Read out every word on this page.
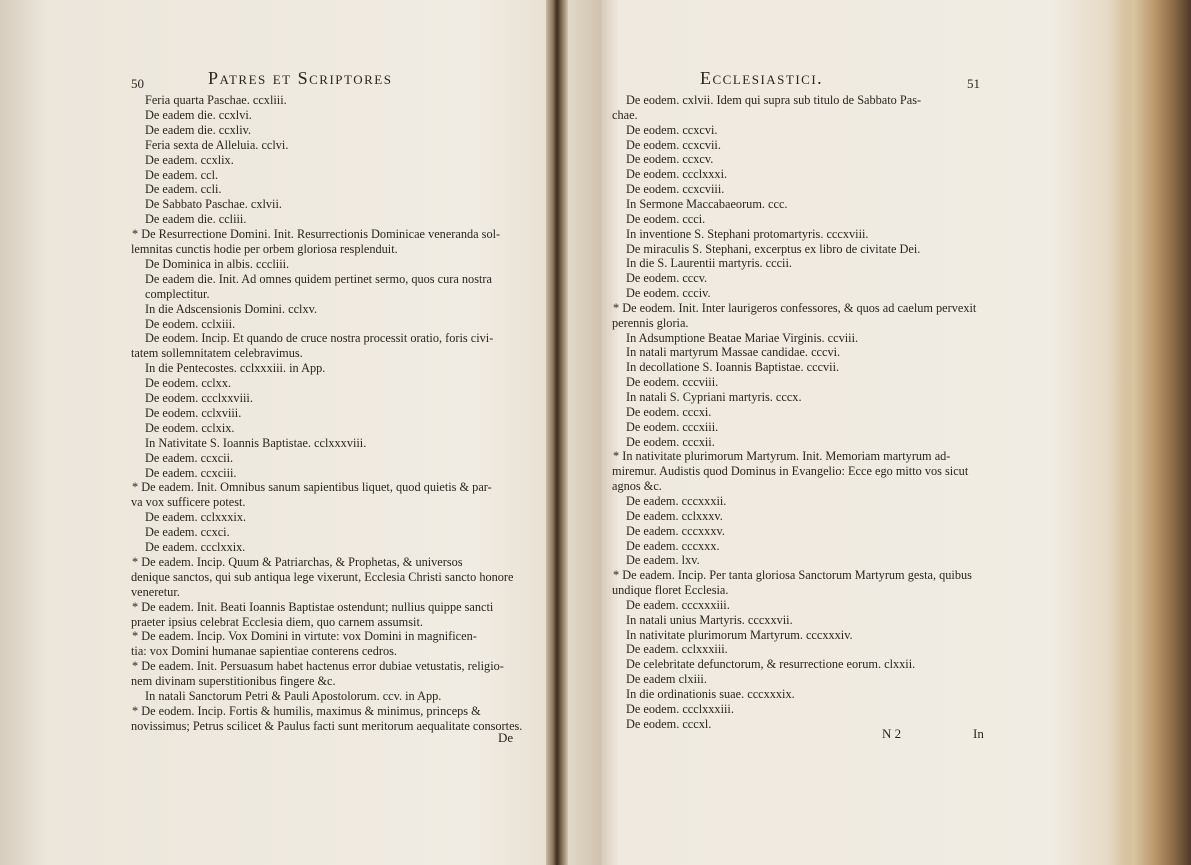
50	Patres et Scriptores
Feria quarta Paschae. ccxliii.
De eadem die. ccxlvi.
De eadem die. ccxliv.
Feria sexta de Alleluia. cclvi.
De eadem. ccxlix.
De eadem. ccl.
De eadem. ccli.
De Sabbato Paschae. cxlvii.
De eadem die. ccliii.
* De Resurrectione Domini. Init. Resurrectionis Dominicae veneranda sol-
lemnitas cunctis hodie per orbem gloriosa resplenduit.
De Dominica in albis. cccliii.
De eadem die. Init. Ad omnes quidem pertinet sermo, quos cura nostra
complectitur.
In die Adscensionis Domini. cclxv.
De eodem. cclxiii.
De eodem. Incip. Et quando de cruce nostra processit oratio, foris civi-
tatem sollemnitatem celebravimus.
In die Pentecostes. cclxxxiii. in App.
De eodem. cclxx.
De eodem. ccclxxviii.
De eodem. cclxviii.
De eodem. cclxix.
In Nativitate S. Ioannis Baptistae. cclxxxviii.
De eadem. ccxcii.
De eadem. ccxciii.
* De eadem. Init. Omnibus sanum sapientibus liquet, quod quietis & par-
va vox sufficere potest.
De eadem. cclxxxix.
De eadem. ccxci.
De eadem. ccclxxix.
* De eadem. Incip. Quum & Patriarchas, & Prophetas, & universos
denique sanctos, qui sub antiqua lege vixerunt, Ecclesia Christi sancto honore
veneretur.
* De eadem. Init. Beati Ioannis Baptistae ostendunt; nullius quippe sancti
praeter ipsius celebrat Ecclesia diem, quo carnem assumsit.
* De eadem. Incip. Vox Domini in virtute: vox Domini in magnificen-
tia: vox Domini humanae sapientiae conterens cedros.
* De eadem. Init. Persuasum habet hactenus error dubiae vetustatis, religio-
nem divinam superstitionibus fingere &c.
In natali Sanctorum Petri & Pauli Apostolorum. ccv. in App.
* De eodem. Incip. Fortis & humilis, maximus & minimus, princeps &
novissimus; Petrus scilicet & Paulus facti sunt meritorum aequalitate consortes.
De
Ecclesiastici.	51
De eodem. cxlvii. Idem qui supra sub titulo de Sabbato Pas-
chae.
De eodem. ccxcvi.
De eodem. ccxcvii.
De eodem. ccxcv.
De eodem. ccclxxxi.
De eodem. ccxcviii.
In Sermone Maccabaeorum. ccc.
De eodem. ccci.
In inventione S. Stephani protomartyris. cccxviii.
De miraculis S. Stephani, excerptus ex libro de civitate Dei.
In die S. Laurentii martyris. cccii.
De eodem. cccv.
De eodem. ccciv.
* De eodem. Init. Inter laurigeros confessores, & quos ad caelum pervexit
perennis gloria.
In Adsumptione Beatae Mariae Virginis. ccviii.
In natali martyrum Massae candidae. cccvi.
In decollatione S. Ioannis Baptistae. cccvii.
De eodem. cccviii.
In natali S. Cypriani martyris. cccx.
De eodem. cccxi.
De eodem. cccxiii.
De eodem. cccxii.
* In nativitate plurimorum Martyrum. Init. Memoriam martyrum ad-
miremur. Audistis quod Dominus in Evangelio: Ecce ego mitto vos sicut
agnos &c.
De eadem. cccxxxii.
De eadem. cclxxxv.
De eadem. cccxxxv.
De eadem. cccxxx.
De eadem. lxv.
* De eadem. Incip. Per tanta gloriosa Sanctorum Martyrum gesta, quibus
undique floret Ecclesia.
De eadem. cccxxxiii.
In natali unius Martyris. cccxxvii.
In nativitate plurimorum Martyrum. cccxxxiv.
De eadem. cclxxxiii.
De celebritate defunctorum, & resurrectione eorum. clxxii.
De eadem clxiii.
In die ordinationis suae. cccxxxix.
De eodem. ccclxxxiii.
De eodem. cccxl.
N 2	In
